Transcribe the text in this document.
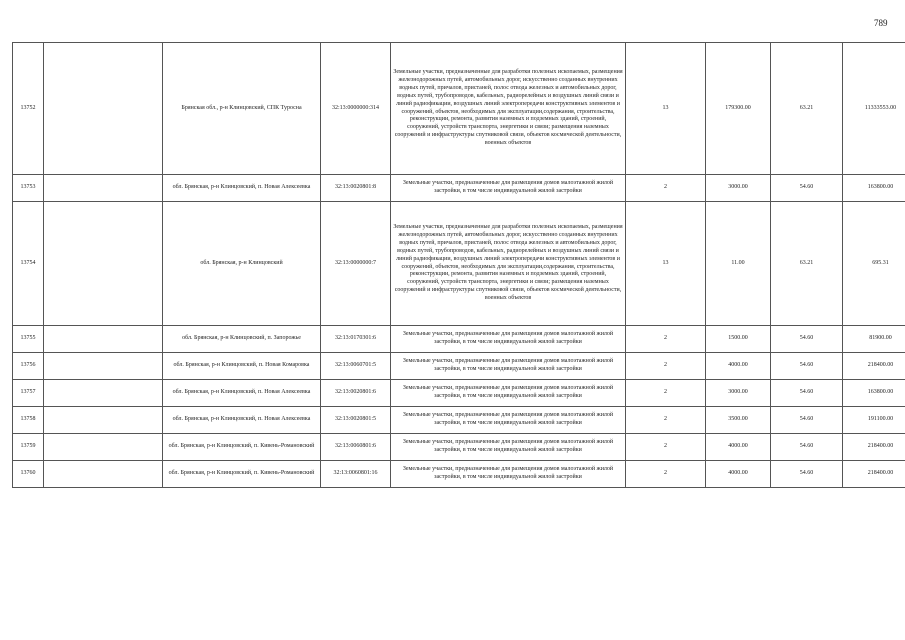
789
13752		Брянская обл., р-н Клинцовский, СПК Туросна	32:13:0000000:314	Земельные участки, предназначенные для разработки полезных ископаемых, размещения железнодорожных путей, автомобильных дорог, искусственно созданных внутренних водных путей, причалов, пристаней, полос отвода железных и автомобильных дорог, водных путей, трубопроводов, кабельных, радиорелейных и воздушных линий связи и линий радиофикации, воздушных линий электропередачи конструктивных элементов и сооружений, объектов, необходимых для эксплуатации,содержания, строительства, реконструкции, ремонта, развития наземных и подземных зданий, строений, сооружений, устройств транспорта, энергетики и связи; размещения наземных сооружений и инфраструктуры спутниковой связи, объектов космической деятельности, военных объектов	13	179300.00	63.21	11333553.00
13753		обл. Брянская, р-н Клинцовский, п. Новая Алексеевка	32:13:0020801:8	Земельные участки, предназначенные для размещения домов малоэтажной жилой застройки, в том числе индивидуальной жилой застройки	2	3000.00	54.60	163800.00
13754		обл. Брянская, р-н Клинцовский	32:13:0000000:7	Земельные участки, предназначенные для разработки полезных ископаемых, размещения железнодорожных путей, автомобильных дорог, искусственно созданных внутренних водных путей, причалов, пристаней, полос отвода железных и автомобильных дорог, водных путей, трубопроводов, кабельных, радиорелейных и воздушных линий связи и линий радиофикации, воздушных линий электропередачи конструктивных элементов и сооружений, объектов, необходимых для эксплуатации,содержания, строительства, реконструкции, ремонта, развития наземных и подземных зданий, строений, сооружений, устройств транспорта, энергетики и связи; размещения наземных сооружений и инфраструктуры спутниковой связи, объектов космической деятельности, военных объектов	13	11.00	63.21	695.31
13755		обл. Брянская, р-н Клинцовский, п. Запорожье	32:13:0170301:6	Земельные участки, предназначенные для размещения домов малоэтажной жилой застройки, в том числе индивидуальной жилой застройки	2	1500.00	54.60	81900.00
13756		обл. Брянская, р-н Клинцовский, п. Новая Комаровка	32:13:0060701:5	Земельные участки, предназначенные для размещения домов малоэтажной жилой застройки, в том числе индивидуальной жилой застройки	2	4000.00	54.60	218400.00
13757		обл. Брянская, р-н Клинцовский, п. Новая Алексеевка	32:13:0020801:6	Земельные участки, предназначенные для размещения домов малоэтажной жилой застройки, в том числе индивидуальной жилой застройки	2	3000.00	54.60	163800.00
13758		обл. Брянская, р-н Клинцовский, п. Новая Алексеевка	32:13:0020801:5	Земельные участки, предназначенные для размещения домов малоэтажной жилой застройки, в том числе индивидуальной жилой застройки	2	3500.00	54.60	191100.00
13759		обл. Брянская, р-н Клинцовский, п. Кивень-Романовский	32:13:0060801:6	Земельные участки, предназначенные для размещения домов малоэтажной жилой застройки, в том числе индивидуальной жилой застройки	2	4000.00	54.60	218400.00
13760		обл. Брянская, р-н Клинцовский, п. Кивень-Романовский	32:13:0060801:16	Земельные участки, предназначенные для размещения домов малоэтажной жилой застройки, в том числе индивидуальной жилой застройки	2	4000.00	54.60	218400.00
